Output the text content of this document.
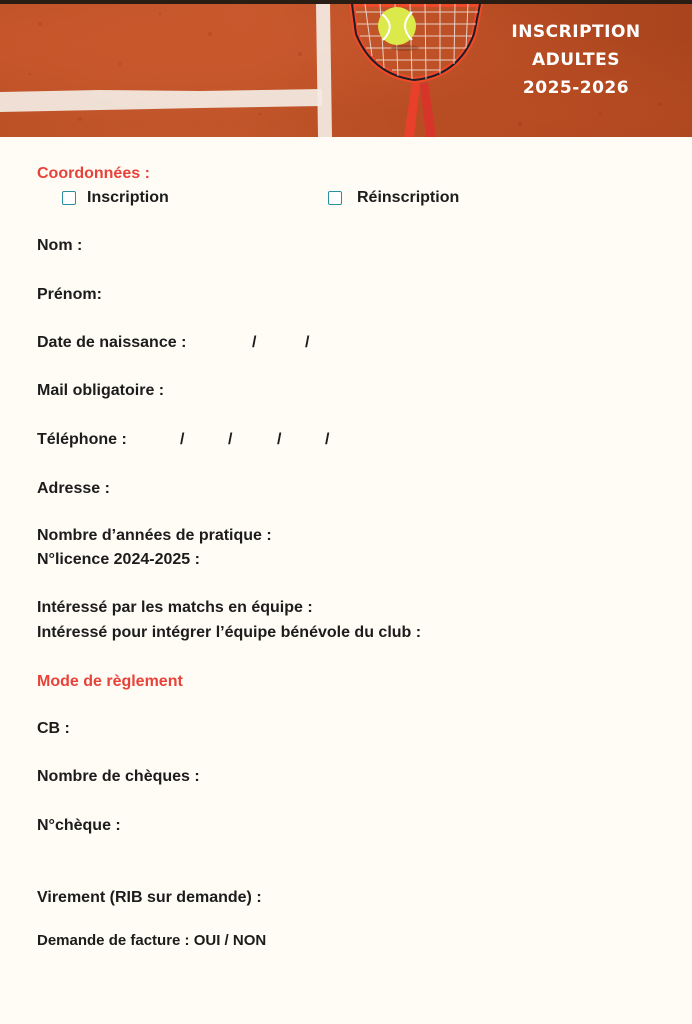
INSCRIPTION
ADULTES
2025-2026
Coordonnées :
Inscription	Réinscription
Nom :
Prénom:
Date de naissance :	/	/
Mail obligatoire :
Téléphone :	/	/	/	/
Adresse :
Nombre d’années de pratique :
N°licence 2024-2025 :
Intéressé par les matchs en équipe :
Intéressé pour intégrer l’équipe bénévole du club :
Mode de règlement
CB :
Nombre de chèques :
N°chèque :
Virement (RIB sur demande) :
Demande de facture : OUI / NON
